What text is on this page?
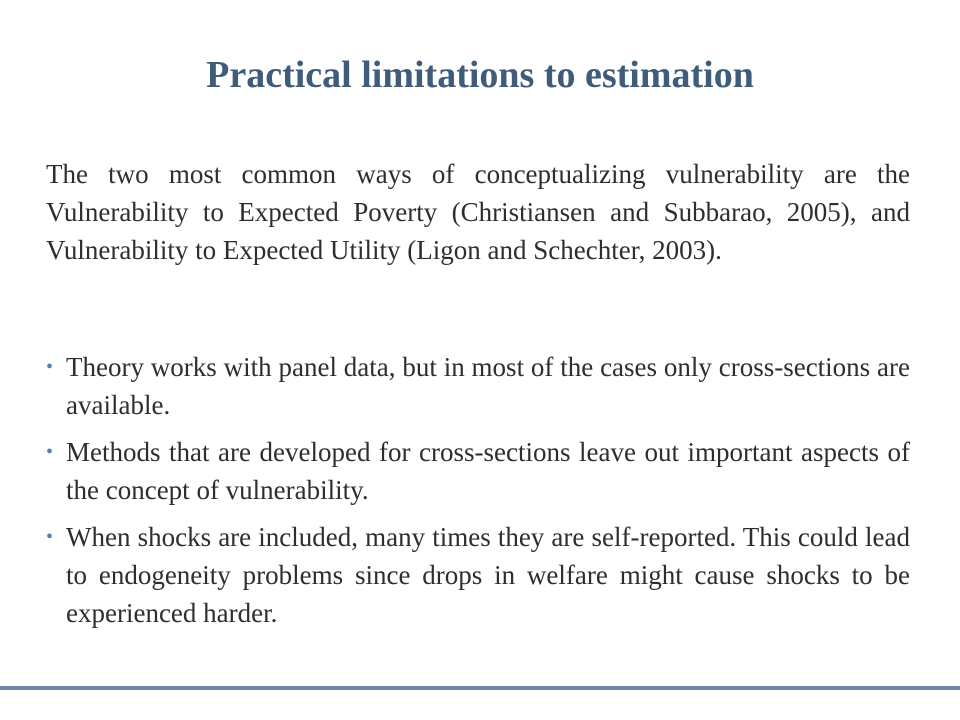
Practical limitations to estimation

The two most common ways of conceptualizing vulnerability are the Vulnerability to Expected Poverty (Christiansen and Subbarao, 2005), and Vulnerability to Expected Utility (Ligon and Schechter, 2003).

• Theory works with panel data, but in most of the cases only cross-sections are available.
• Methods that are developed for cross-sections leave out important aspects of the concept of vulnerability.
• When shocks are included, many times they are self-reported. This could lead to endogeneity problems since drops in welfare might cause shocks to be experienced harder.
